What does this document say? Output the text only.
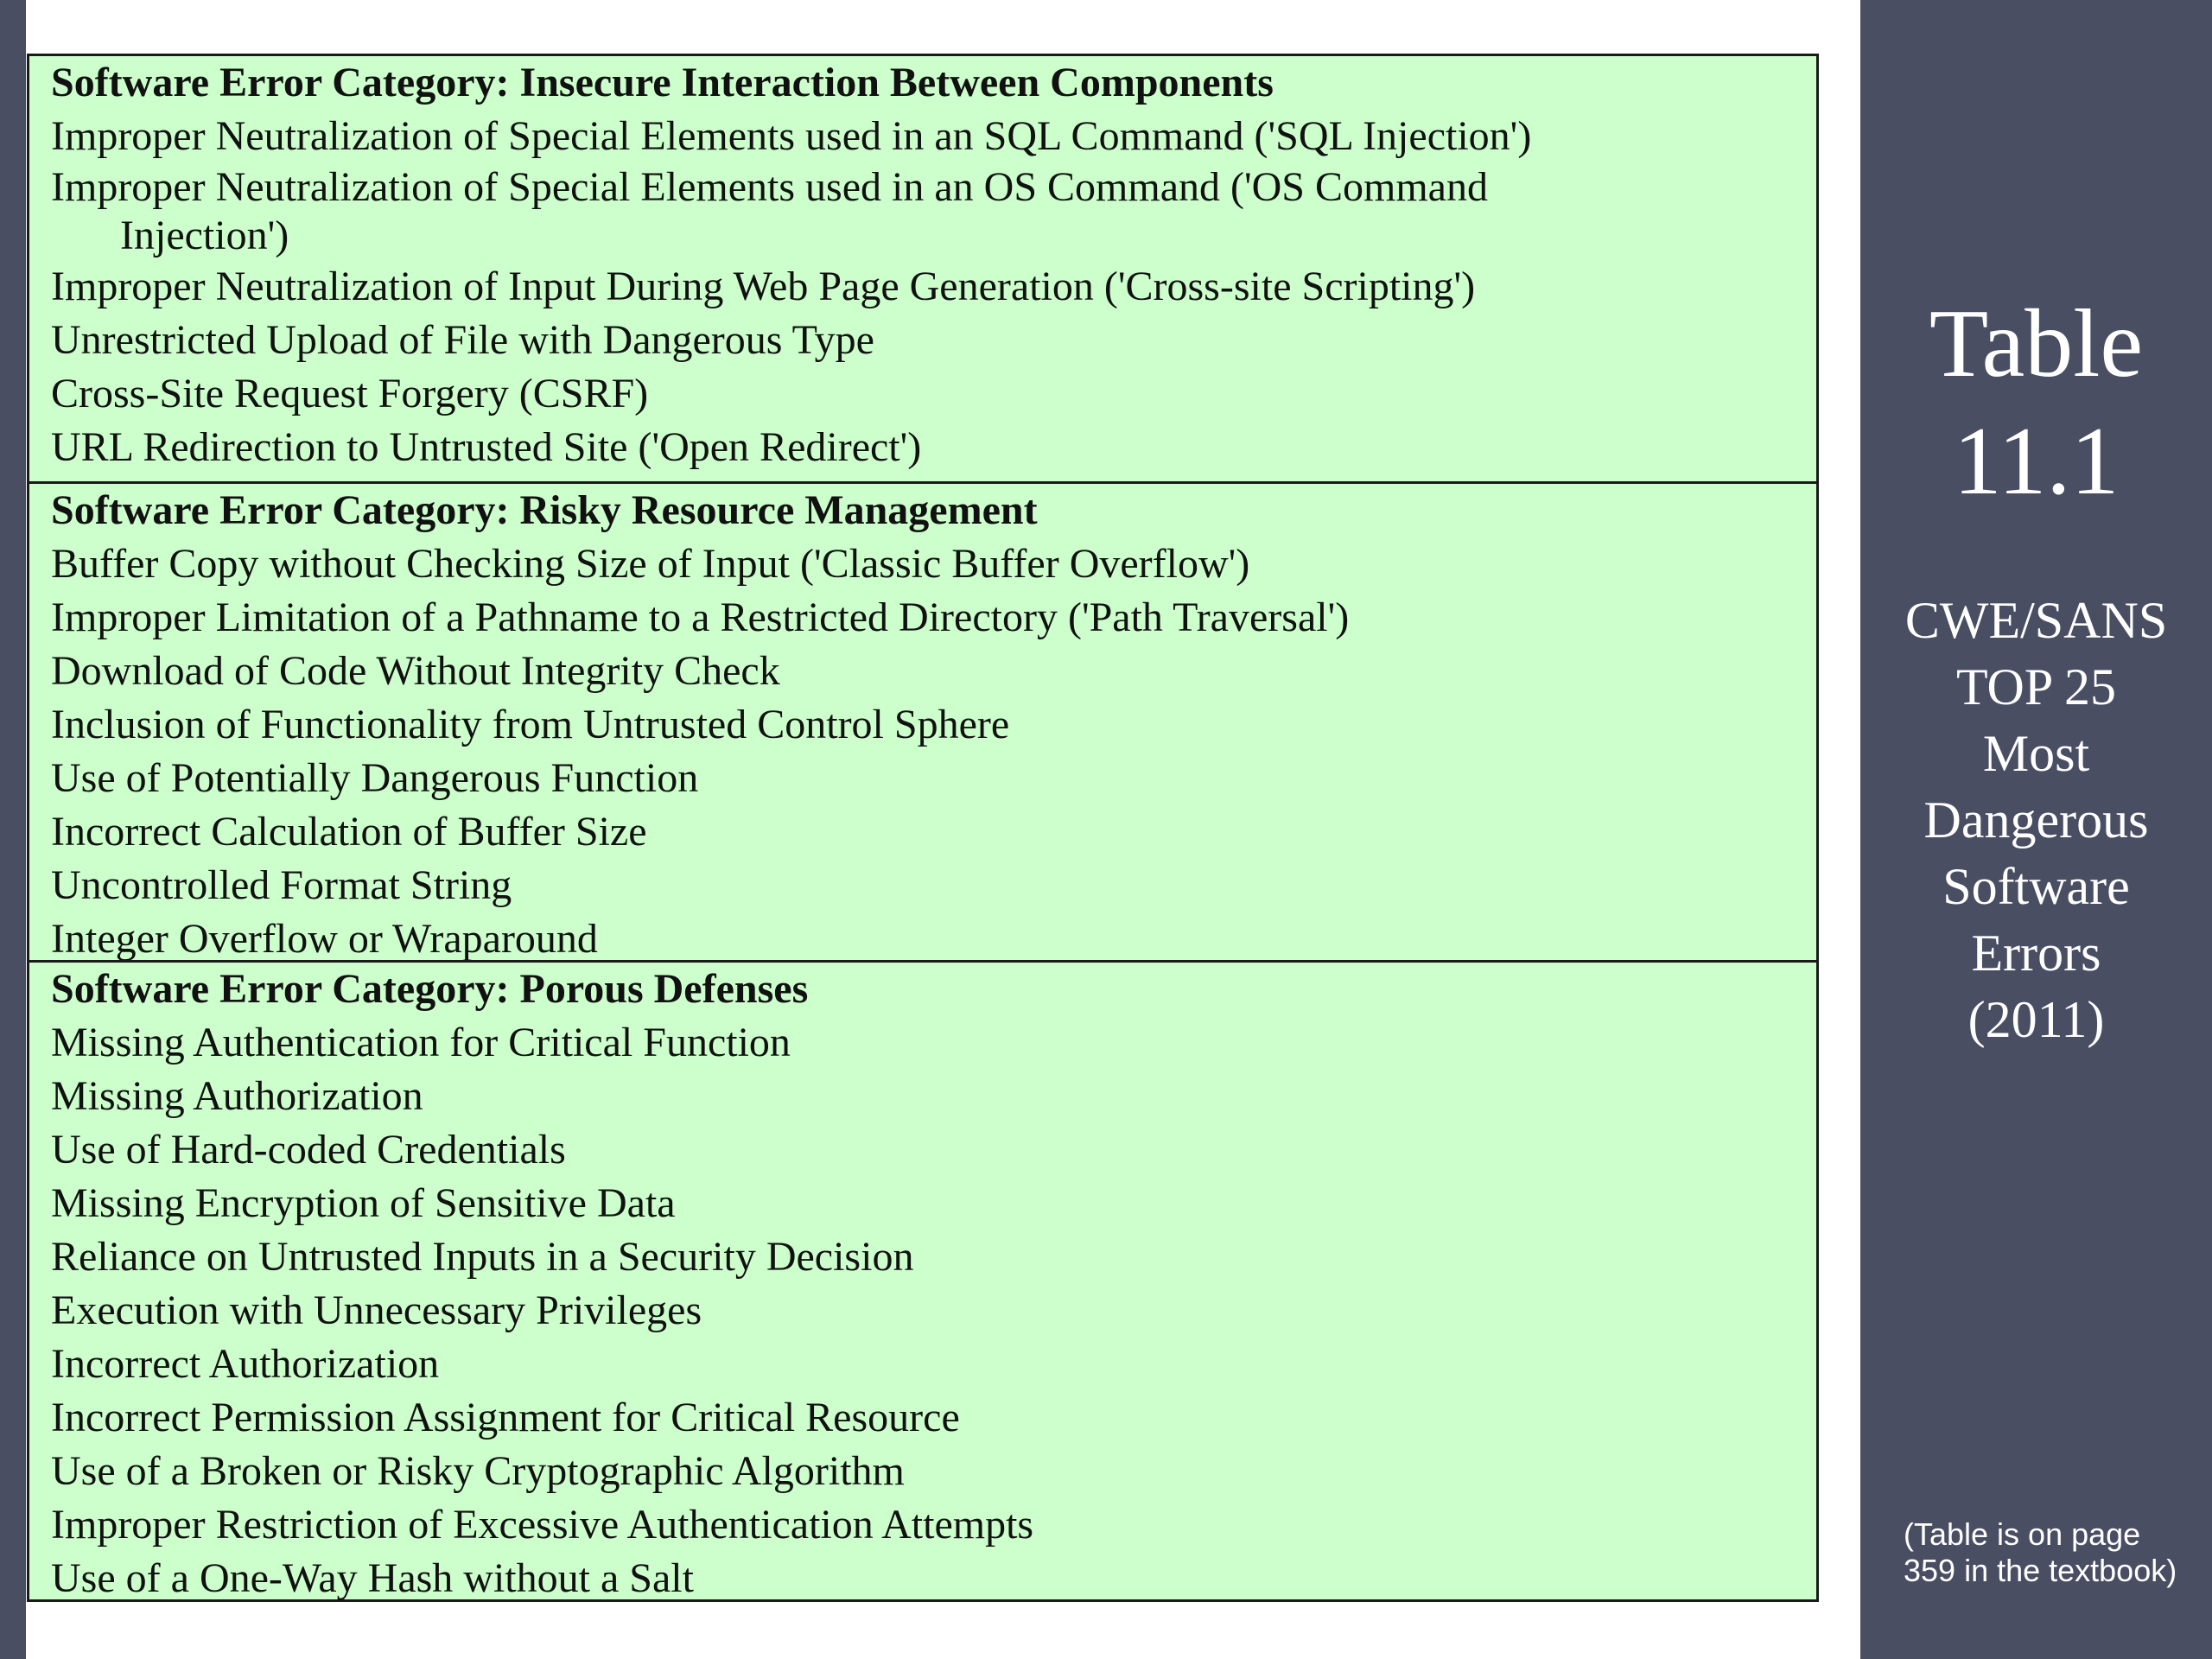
Software Error Category: Insecure Interaction Between Components
Improper Neutralization of Special Elements used in an SQL Command ('SQL Injection')
Improper Neutralization of Special Elements used in an OS Command ('OS Command
Injection')
Improper Neutralization of Input During Web Page Generation ('Cross-site Scripting')
Unrestricted Upload of File with Dangerous Type
Cross-Site Request Forgery (CSRF)
URL Redirection to Untrusted Site ('Open Redirect')
Software Error Category: Risky Resource Management
Buffer Copy without Checking Size of Input ('Classic Buffer Overflow')
Improper Limitation of a Pathname to a Restricted Directory ('Path Traversal')
Download of Code Without Integrity Check
Inclusion of Functionality from Untrusted Control Sphere
Use of Potentially Dangerous Function
Incorrect Calculation of Buffer Size
Uncontrolled Format String
Integer Overflow or Wraparound
Software Error Category: Porous Defenses
Missing Authentication for Critical Function
Missing Authorization
Use of Hard-coded Credentials
Missing Encryption of Sensitive Data
Reliance on Untrusted Inputs in a Security Decision
Execution with Unnecessary Privileges
Incorrect Authorization
Incorrect Permission Assignment for Critical Resource
Use of a Broken or Risky Cryptographic Algorithm
Improper Restriction of Excessive Authentication Attempts
Use of a One-Way Hash without a Salt
Table
11.1
CWE/SANS
TOP 25
Most
Dangerous
Software
Errors
(2011)
(Table is on page
359 in the textbook)
